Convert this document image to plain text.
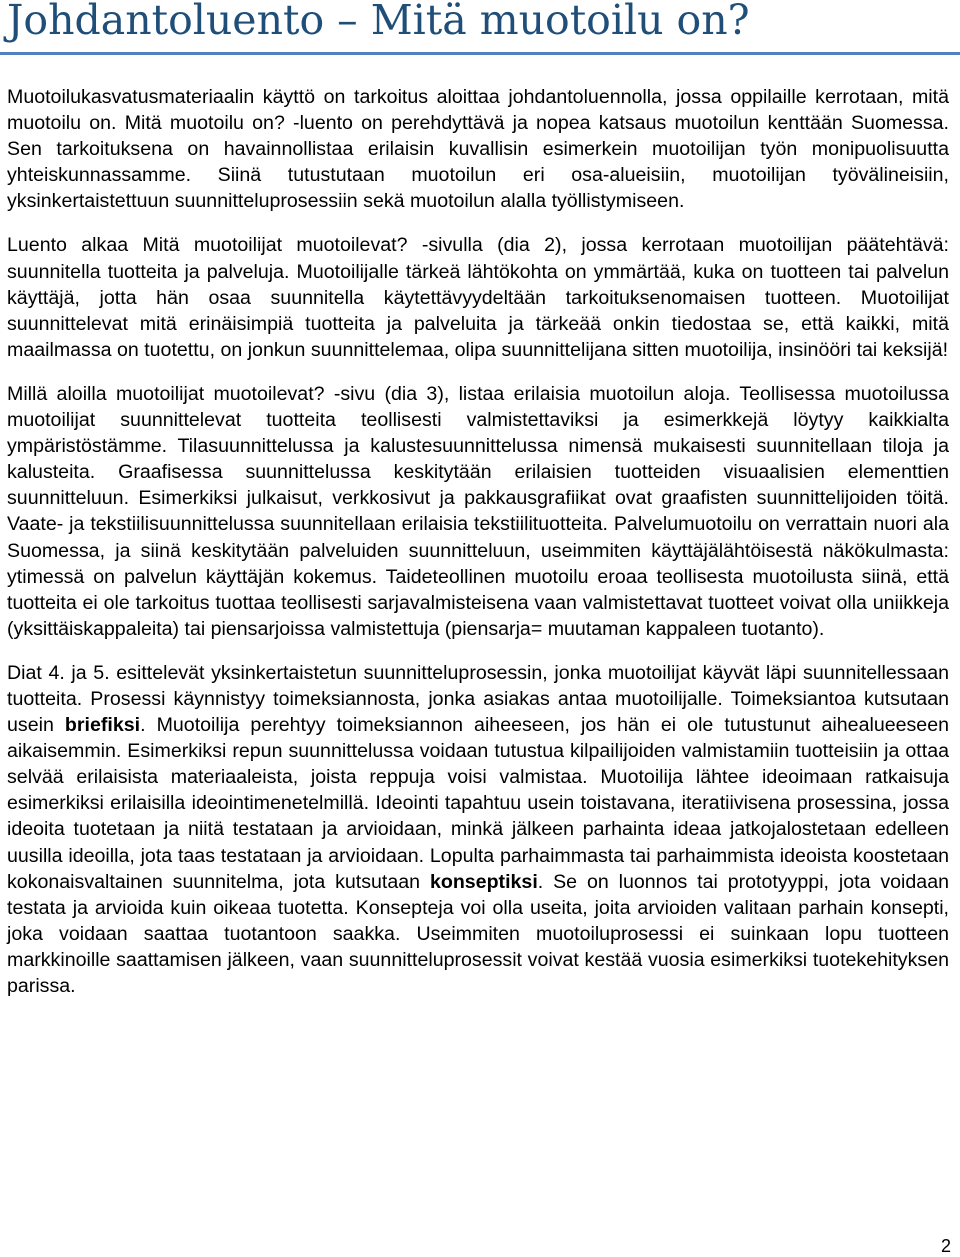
Johdantoluento – Mitä muotoilu on?

Muotoilukasvatusmateriaalin käyttö on tarkoitus aloittaa johdantoluennolla, jossa oppilaille kerrotaan, mitä muotoilu on. Mitä muotoilu on? -luento on perehdyttävä ja nopea katsaus muotoilun kenttään Suomessa. Sen tarkoituksena on havainnollistaa erilaisin kuvallisin esimerkein muotoilijan työn monipuolisuutta yhteiskunnassamme. Siinä tutustutaan muotoilun eri osa-alueisiin, muotoilijan työvälineisiin, yksinkertaistettuun suunnitteluprosessiin sekä muotoilun alalla työllistymiseen.

Luento alkaa Mitä muotoilijat muotoilevat? -sivulla (dia 2), jossa kerrotaan muotoilijan päätehtävä: suunnitella tuotteita ja palveluja. Muotoilijalle tärkeä lähtökohta on ymmärtää, kuka on tuotteen tai palvelun käyttäjä, jotta hän osaa suunnitella käytettävyydeltään tarkoituksenomaisen tuotteen. Muotoilijat suunnittelevat mitä erinäisimpiä tuotteita ja palveluita ja tärkeää onkin tiedostaa se, että kaikki, mitä maailmassa on tuotettu, on jonkun suunnittelemaa, olipa suunnittelijana sitten muotoilija, insinööri tai keksijä!

Millä aloilla muotoilijat muotoilevat? -sivu (dia 3), listaa erilaisia muotoilun aloja. Teollisessa muotoilussa muotoilijat suunnittelevat tuotteita teollisesti valmistettaviksi ja esimerkkejä löytyy kaikkialta ympäristöstämme. Tilasuunnittelussa ja kalustesuunnittelussa nimensä mukaisesti suunnitellaan tiloja ja kalusteita. Graafisessa suunnittelussa keskitytään erilaisien tuotteiden visuaalisien elementtien suunnitteluun. Esimerkiksi julkaisut, verkkosivut ja pakkausgrafiikat ovat graafisten suunnittelijoiden töitä. Vaate- ja tekstiilisuunnittelussa suunnitellaan erilaisia tekstiilituotteita. Palvelumuotoilu on verrattain nuori ala Suomessa, ja siinä keskitytään palveluiden suunnitteluun, useimmiten käyttäjälähtöisestä näkökulmasta: ytimessä on palvelun käyttäjän kokemus. Taideteollinen muotoilu eroaa teollisesta muotoilusta siinä, että tuotteita ei ole tarkoitus tuottaa teollisesti sarjavalmisteisena vaan valmistettavat tuotteet voivat olla uniikkeja (yksittäiskappaleita) tai piensarjoissa valmistettuja (piensarja= muutaman kappaleen tuotanto).

Diat 4. ja 5. esittelevät yksinkertaistetun suunnitteluprosessin, jonka muotoilijat käyvät läpi suunnitellessaan tuotteita. Prosessi käynnistyy toimeksiannosta, jonka asiakas antaa muotoilijalle. Toimeksiantoa kutsutaan usein briefiksi. Muotoilija perehtyy toimeksiannon aiheeseen, jos hän ei ole tutustunut aihealueeseen aikaisemmin. Esimerkiksi repun suunnittelussa voidaan tutustua kilpailijoiden valmistamiin tuotteisiin ja ottaa selvää erilaisista materiaaleista, joista reppuja voisi valmistaa. Muotoilija lähtee ideoimaan ratkaisuja esimerkiksi erilaisilla ideointimenetelmillä. Ideointi tapahtuu usein toistavana, iteratiivisena prosessina, jossa ideoita tuotetaan ja niitä testataan ja arvioidaan, minkä jälkeen parhainta ideaa jatkojalostetaan edelleen uusilla ideoilla, jota taas testataan ja arvioidaan. Lopulta parhaimmasta tai parhaimmista ideoista koostetaan kokonaisvaltainen suunnitelma, jota kutsutaan konseptiksi. Se on luonnos tai prototyyppi, jota voidaan testata ja arvioida kuin oikeaa tuotetta. Konsepteja voi olla useita, joita arvioiden valitaan parhain konsepti, joka voidaan saattaa tuotantoon saakka. Useimmiten muotoiluprosessi ei suinkaan lopu tuotteen markkinoille saattamisen jälkeen, vaan suunnitteluprosessit voivat kestää vuosia esimerkiksi tuotekehityksen parissa.

2
